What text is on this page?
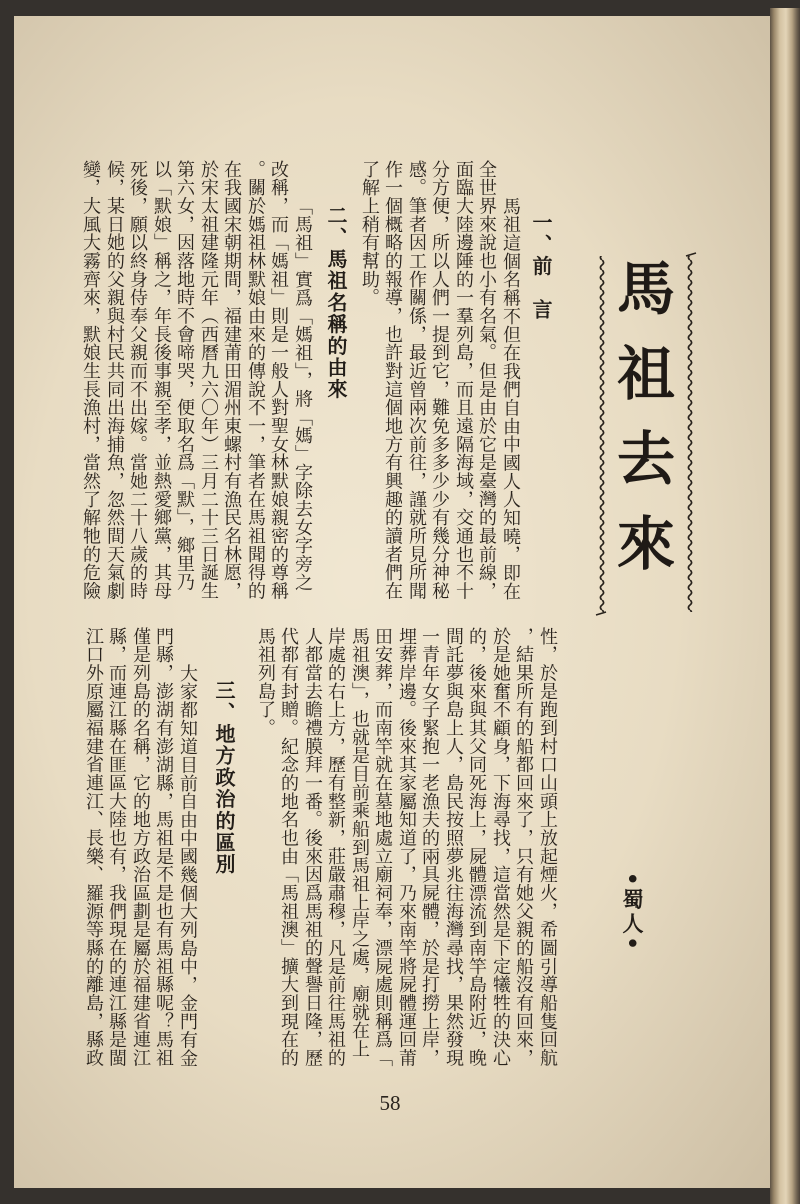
馬祖去來
•蜀人•
一、前　言
馬祖這個名稱不但在我們自由中國人人知曉，即在
全世界來說也小有名氣。但是由於它是臺灣的最前線，
面臨大陸邊陲的一羣列島，而且遠隔海域，交通也不十
分方便，所以人們一提到它，難免多多少少有幾分神秘
感。筆者因工作關係，最近曾兩次前往，謹就所見所聞
作一個概略的報導，也許對這個地方有興趣的讀者們在
了解上稍有幫助。
二、馬祖名稱的由來
「馬祖」實爲「媽祖」，將「媽」字除去女字旁之
改稱，而「媽祖」則是一般人對聖女林默娘親密的尊稱
。關於媽祖林默娘由來的傳說不一，筆者在馬祖聞得的
在我國宋朝期間，福建莆田湄州東螺村有漁民名林愿，
於宋太祖建隆元年（西曆九六〇年）三月二十三日誕生
第六女，因落地時不會啼哭，便取名爲「默」，鄉里乃
以「默娘」稱之，年長後事親至孝，並熱愛鄉黨，其母
死後，願以終身侍奉父親而不出嫁。當她二十八歲的時
候，某日她的父親與村民共同出海捕魚，忽然間天氣劇
變，大風大霧齊來，默娘生長漁村，當然了解牠的危險
性，於是跑到村口山頭上放起煙火，希圖引導船隻回航
，結果所有的船都回來了，只有她父親的船沒有回來，
於是她奮不顧身，下海尋找，這當然是下定犧牲的決心
的，後來與其父同死海上，屍體漂流到南竿島附近，晚
間託夢與島上人，島民按照夢兆往海灣尋找，果然發現
一青年女子緊抱一老漁夫的兩具屍體，於是打撈上岸，
埋葬岸邊。後來其家屬知道了，乃來南竿將屍體運回莆
田安葬，而南竿就在墓地處立廟祠奉，漂屍處則稱爲「
馬祖澳」，也就是目前乘船到馬祖上岸之處，廟就在上
岸處的右上方，歷有整新，莊嚴肅穆，凡是前往馬祖的
人都當去瞻禮膜拜一番。後來因爲馬祖的聲譽日隆，歷
代都有封贈。紀念的地名也由「馬祖澳」擴大到現在的
馬祖列島了。
三、地方政治的區別
大家都知道目前自由中國幾個大列島中，金門有金
門縣，澎湖有澎湖縣，馬祖是不是也有馬祖縣呢？馬祖
僅是列島的名稱，它的地方政治區劃是屬於福建省連江
縣，而連江縣在匪區大陸也有，我們現在的連江縣是閩
江口外原屬福建省連江、長樂、羅源等縣的離島，縣政
58
